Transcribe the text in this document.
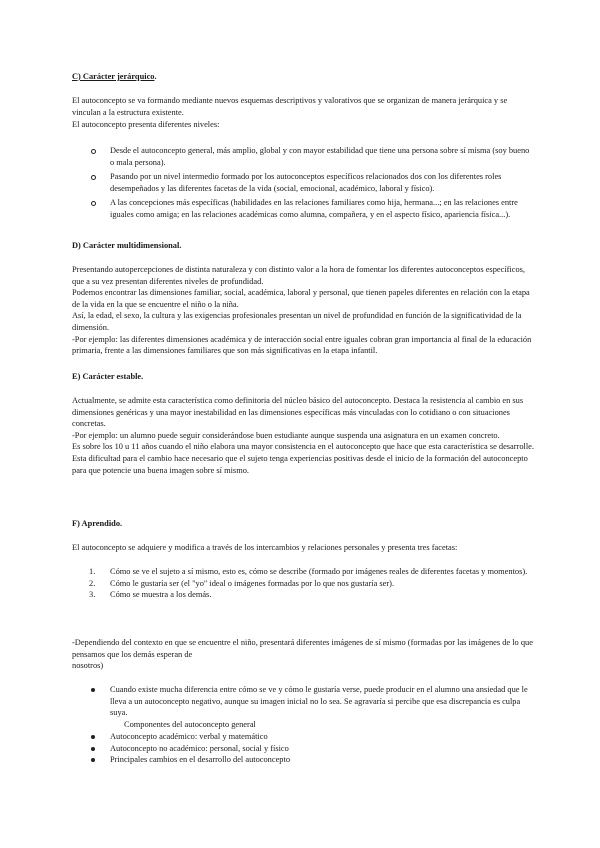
C) Carácter jerárquico.

El autoconcepto se va formando mediante nuevos esquemas descriptivos y valorativos que se organizan de manera jerárquica y se vinculan a la estructura existente.

El autoconcepto presenta diferentes niveles:

Desde el autoconcepto general, más amplio, global y con mayor estabilidad que tiene una persona sobre sí misma (soy bueno o mala persona).
Pasando por un nivel intermedio formado por los autoconceptos específicos relacionados dos con los diferentes roles desempeñados y las diferentes facetas de la vida (social, emocional, académico, laboral y físico).
A las concepciones más específicas (habilidades en las relaciones familiares como hija, hermana...; en las relaciones entre iguales como amiga; en las relaciones académicas como alumna, compañera, y en el aspecto físico, apariencia física...).
D) Carácter multidimensional.

Presentando autopercepciones de distinta naturaleza y con distinto valor a la hora de fomentar los diferentes autoconceptos específicos, que a su vez presentan diferentes niveles de profundidad.

Podemos encontrar las dimensiones familiar, social, académica, laboral y personal, que tienen papeles diferentes en relación con la etapa de la vida en la que se encuentre el niño o la niña.

Así, la edad, el sexo, la cultura y las exigencias profesionales presentan un nivel de profundidad en función de la significatividad de la dimensión.

-Por ejemplo: las diferentes dimensiones académica y de interacción social entre iguales cobran gran importancia al final de la educación primaria, frente a las dimensiones familiares que son más significativas en la etapa infantil.

E) Carácter estable.

Actualmente, se admite esta característica como definitoria del núcleo básico del autoconcepto. Destaca la resistencia al cambio en sus dimensiones genéricas y una mayor inestabilidad en las dimensiones específicas más vinculadas con lo cotidiano o con situaciones concretas.

-Por ejemplo: un alumno puede seguir considerándose buen estudiante aunque suspenda una asignatura en un examen concreto.

Es sobre los 10 u 11 años cuando el niño elabora una mayor consistencia en el autoconcepto que hace que esta característica se desarrolle.

Esta dificultad para el cambio hace necesario que el sujeto tenga experiencias positivas desde el inicio de la formación del autoconcepto para que potencie una buena imagen sobre sí mismo.

F) Aprendido.

El autoconcepto se adquiere y modifica a través de los intercambios y relaciones personales y presenta tres facetas:

1. Cómo se ve el sujeto a sí mismo, esto es, cómo se describe (formado por imágenes reales de diferentes facetas y momentos).
2. Cómo le gustaría ser (el "yo" ideal o imágenes formadas por lo que nos gustaría ser).
3. Cómo se muestra a los demás.

-Dependiendo del contexto en que se encuentre el niño, presentará diferentes imágenes de sí mismo (formadas por las imágenes de lo que pensamos que los demás esperan de

nosotros)

Cuando existe mucha diferencia entre cómo se ve y cómo le gustaría verse, puede producir en el alumno una ansiedad que le lleva a un autoconcepto negativo, aunque su imagen inicial no lo sea. Se agravaría si percibe que esa discrepancia es culpa suya.

Componentes del autoconcepto general

Autoconcepto académico: verbal y matemático
Autoconcepto no académico: personal, social y físico
Principales cambios en el desarrollo del autoconcepto
